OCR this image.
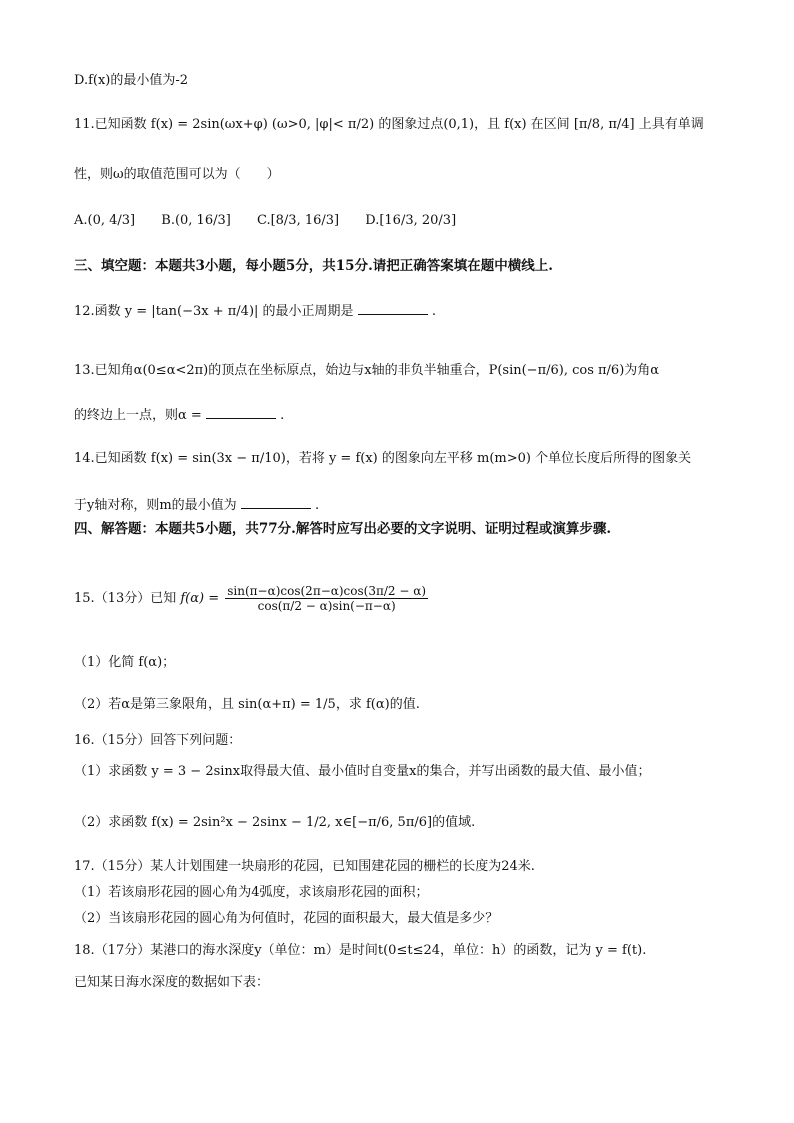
D.f(x)的最小值为-2
11.已知函数 f(x) = 2sin(ωx+φ) (ω>0, |φ|< π/2) 的图象过点(0,1)，且 f(x) 在区间 [π/8, π/4] 上具有单调
性，则ω的取值范围可以为（　　）
A.(0, 4/3] B.(0, 16/3] C.[8/3, 16/3] D.[16/3, 20/3]
三、填空题：本题共3小题，每小题5分，共15分.请把正确答案填在题中横线上.
12.函数 y = |tan(−3x + π/4)| 的最小正周期是	.
13.已知角α(0≤α<2π)的顶点在坐标原点，始边与x轴的非负半轴重合，P(sin(−π/6), cos π/6)为角α
的终边上一点，则α =	.
14.已知函数 f(x) = sin(3x − π/10)，若将 y = f(x) 的图象向左平移 m(m>0) 个单位长度后所得的图象关
于y轴对称，则m的最小值为	.
四、解答题：本题共5小题，共77分.解答时应写出必要的文字说明、证明过程或演算步骤.
15.（13分）已知 $f(\alpha) = \frac{\sin(\pi-\alpha)\cos(2\pi-\alpha)\cos(3\pi/2 - \alpha)}{\cos(\pi/2 - \alpha)\sin(-\pi-\alpha)}$
（1）化简 f(α)；
（2）若α是第三象限角，且 sin(α+π) = 1/5，求 f(α)的值.
16.（15分）回答下列问题：
（1）求函数 y = 3 − 2sinx取得最大值、最小值时自变量x的集合，并写出函数的最大值、最小值；
（2）求函数 f(x) = 2sin²x − 2sinx − 1/2, x∈[−π/6, 5π/6]的值域.
17.（15分）某人计划围建一块扇形的花园，已知围建花园的栅栏的长度为24米.
（1）若该扇形花园的圆心角为4弧度，求该扇形花园的面积；
（2）当该扇形花园的圆心角为何值时，花园的面积最大，最大值是多少？
18.（17分）某港口的海水深度y（单位：m）是时间t(0≤t≤24，单位：h）的函数，记为 y = f(t).
已知某日海水深度的数据如下表：
